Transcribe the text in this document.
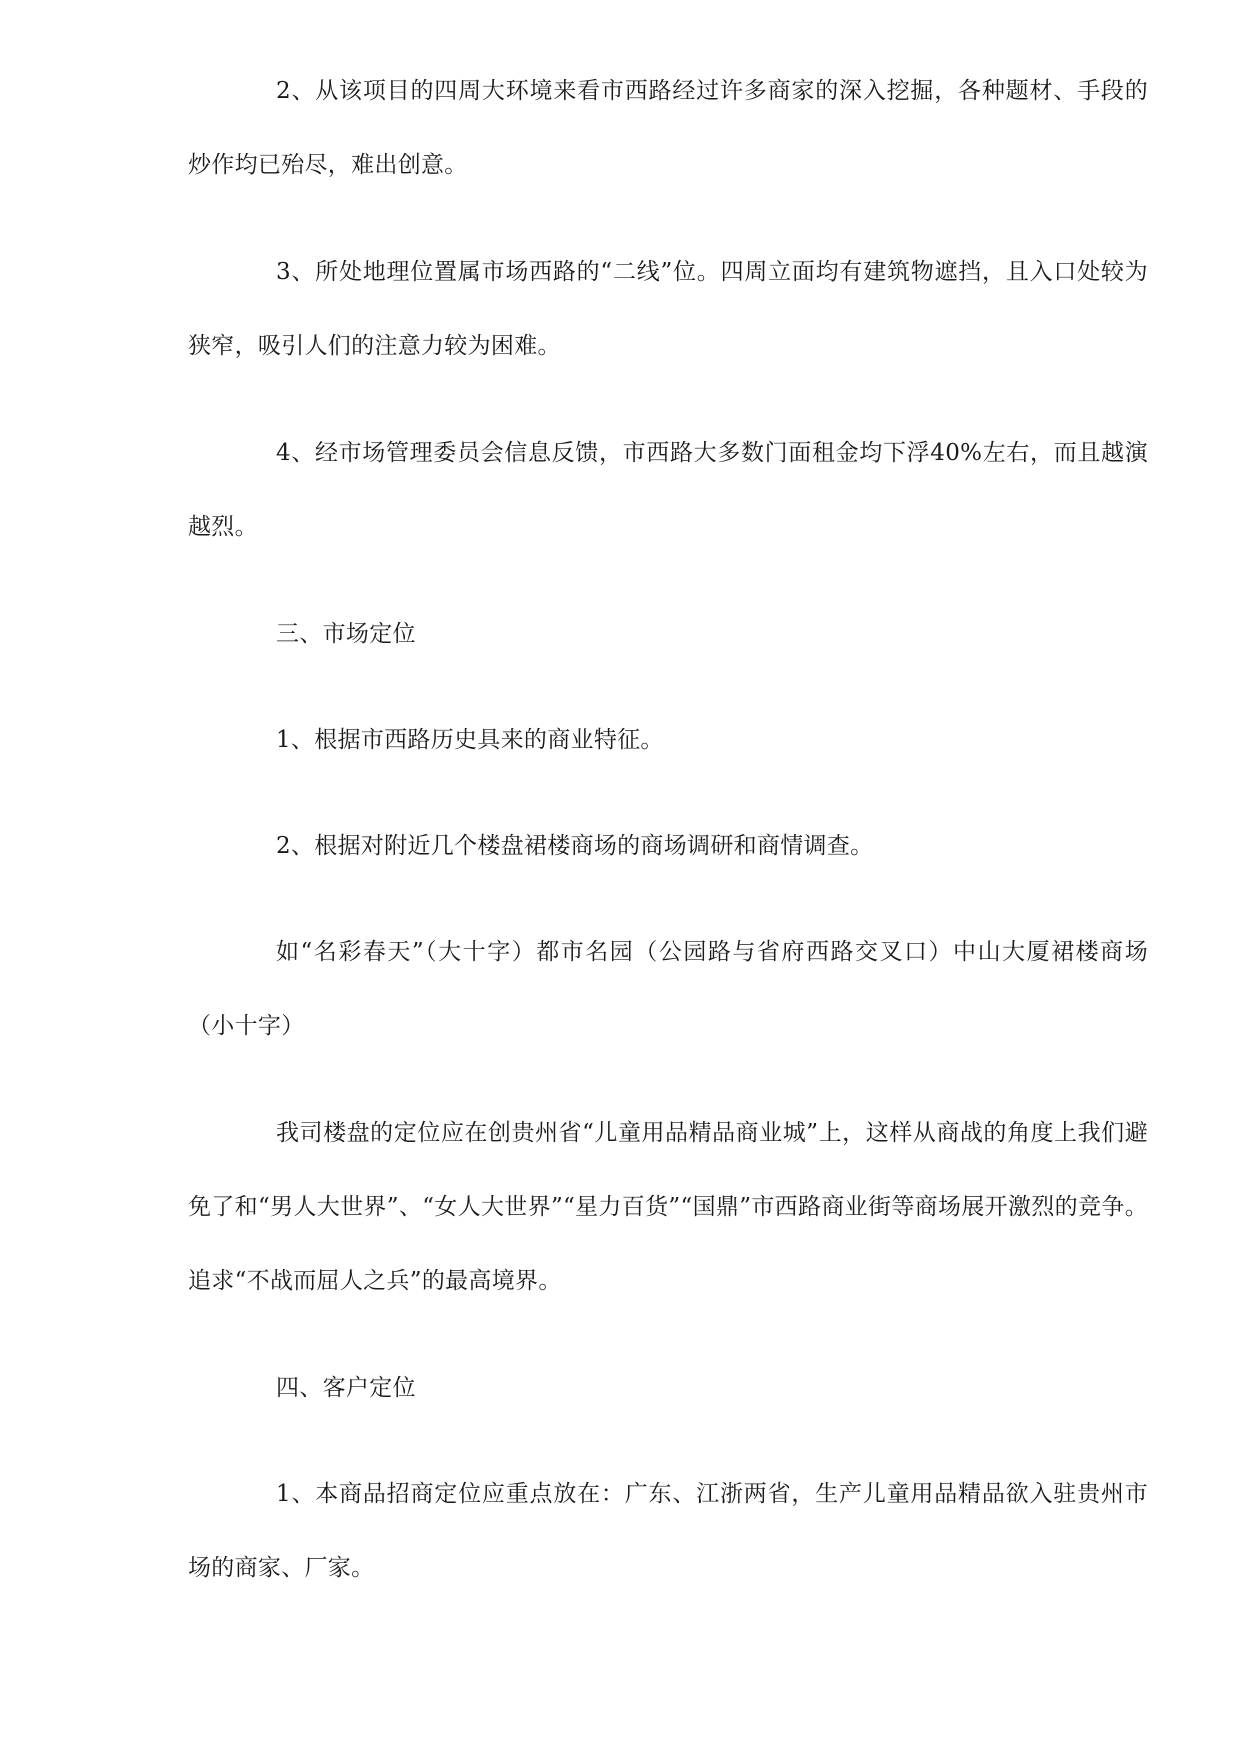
2、从该项目的四周大环境来看市西路经过许多商家的深入挖掘，各种题材、手段的炒作均已殆尽，难出创意。

3、所处地理位置属市场西路的“二线”位。四周立面均有建筑物遮挡，且入口处较为狭窄，吸引人们的注意力较为困难。

4、经市场管理委员会信息反馈，市西路大多数门面租金均下浮40%左右，而且越演越烈。

三、市场定位

1、根据市西路历史具来的商业特征。

2、根据对附近几个楼盘裙楼商场的商场调研和商情调查。

如“名彩春天”（大十字）都市名园（公园路与省府西路交叉口）中山大厦裙楼商场（小十字）

我司楼盘的定位应在创贵州省“儿童用品精品商业城”上，这样从商战的角度上我们避免了和“男人大世界”、“女人大世界”“星力百货”“国鼎”市西路商业街等商场展开激烈的竞争。追求“不战而屈人之兵”的最高境界。

四、客户定位

1、本商品招商定位应重点放在：广东、江浙两省，生产儿童用品精品欲入驻贵州市场的商家、厂家。
